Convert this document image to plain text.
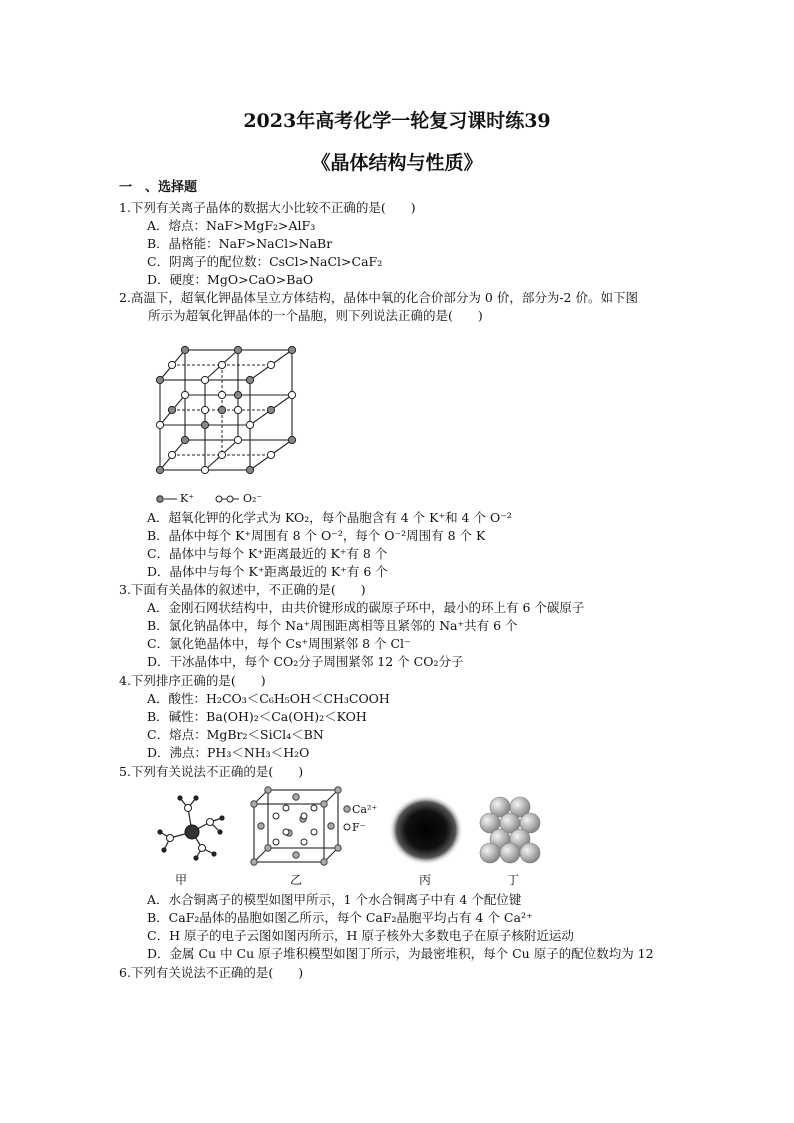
2023年高考化学一轮复习课时练39
《晶体结构与性质》
一　、选择题
1.下列有关离子晶体的数据大小比较不正确的是(　　)
A．熔点：NaF>MgF₂>AlF₃
B．晶格能：NaF>NaCl>NaBr
C．阴离子的配位数：CsCl>NaCl>CaF₂
D．硬度：MgO>CaO>BaO
2.高温下，超氧化钾晶体呈立方体结构，晶体中氧的化合价部分为 0 价，部分为-2 价。如下图
所示为超氧化钾晶体的一个晶胞，则下列说法正确的是(　　)
K⁺	O₂⁻
A．超氧化钾的化学式为 KO₂，每个晶胞含有 4 个 K⁺和 4 个 O⁻²
B．晶体中每个 K⁺周围有 8 个 O⁻²，每个 O⁻²周围有 8 个 K
C．晶体中与每个 K⁺距离最近的 K⁺有 8 个
D．晶体中与每个 K⁺距离最近的 K⁺有 6 个
3.下面有关晶体的叙述中，不正确的是(　　)
A．金刚石网状结构中，由共价键形成的碳原子环中，最小的环上有 6 个碳原子
B．氯化钠晶体中，每个 Na⁺周围距离相等且紧邻的 Na⁺共有 6 个
C．氯化铯晶体中，每个 Cs⁺周围紧邻 8 个 Cl⁻
D．干冰晶体中，每个 CO₂分子周围紧邻 12 个 CO₂分子
4.下列排序正确的是(　　)
A．酸性：H₂CO₃＜C₆H₅OH＜CH₃COOH
B．碱性：Ba(OH)₂＜Ca(OH)₂＜KOH
C．熔点：MgBr₂＜SiCl₄＜BN
D．沸点：PH₃＜NH₃＜H₂O
5.下列有关说法不正确的是(　　)
Ca²⁺
F⁻
甲	乙	丙	丁
A．水合铜离子的模型如图甲所示，1 个水合铜离子中有 4 个配位键
B．CaF₂晶体的晶胞如图乙所示，每个 CaF₂晶胞平均占有 4 个 Ca²⁺
C．H 原子的电子云图如图丙所示，H 原子核外大多数电子在原子核附近运动
D．金属 Cu 中 Cu 原子堆积模型如图丁所示，为最密堆积，每个 Cu 原子的配位数均为 12
6.下列有关说法不正确的是(　　)
